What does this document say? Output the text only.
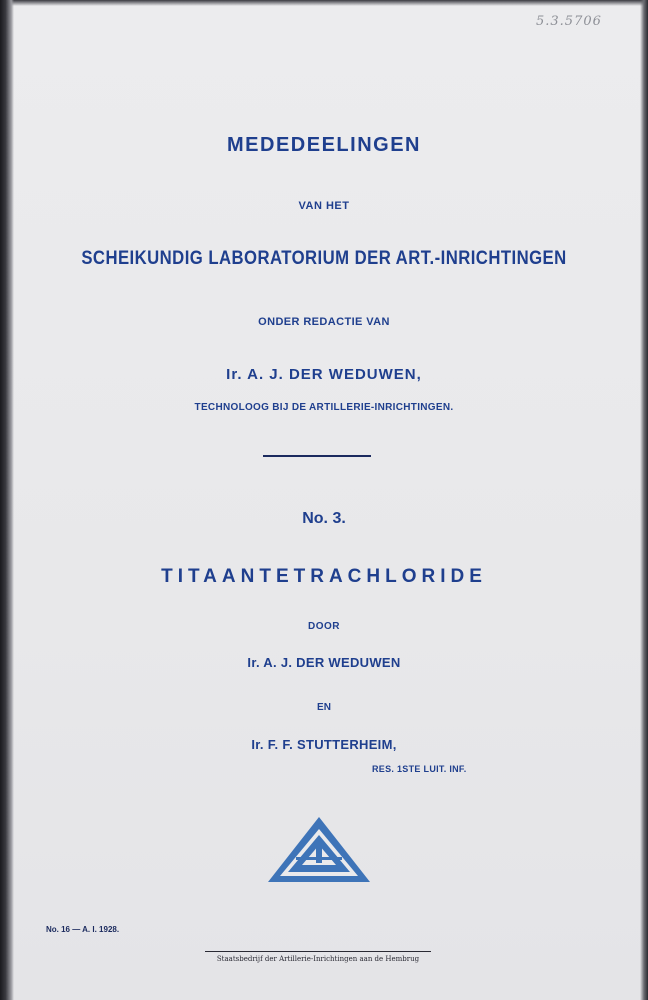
5.3.5706
MEDEDEELINGEN
VAN HET
SCHEIKUNDIG LABORATORIUM DER ART.-INRICHTINGEN
ONDER REDACTIE VAN
Ir. A. J. DER WEDUWEN,
TECHNOLOOG BIJ DE ARTILLERIE-INRICHTINGEN.
No. 3.
TITAANTETRACHLORIDE
DOOR
Ir. A. J. DER WEDUWEN
EN
Ir. F. F. STUTTERHEIM,
RES. 1STE LUIT. INF.
No. 16 — A. I. 1928.
Staatsbedrijf der Artillerie-Inrichtingen aan de Hembrug
